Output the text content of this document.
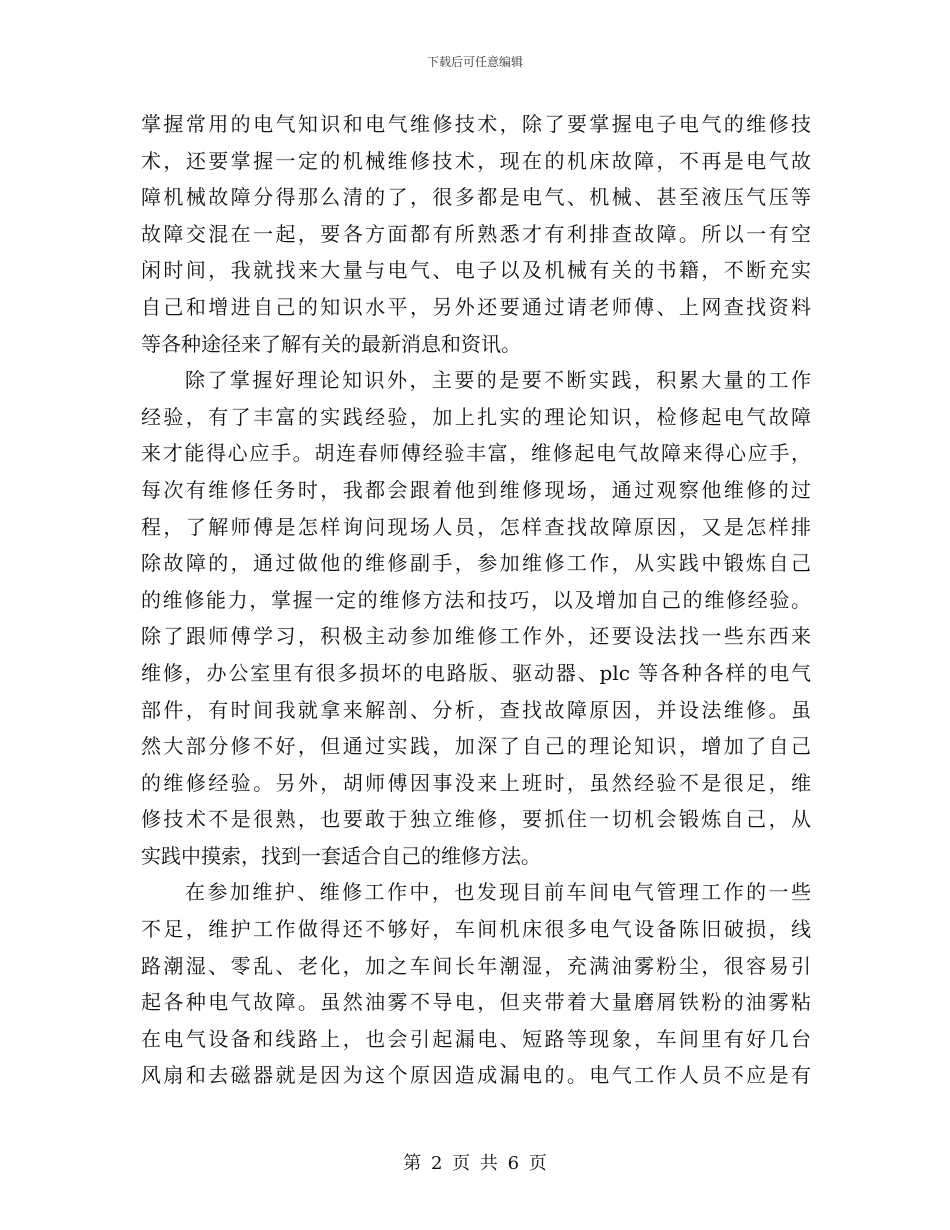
下载后可任意编辑
掌握常用的电气知识和电气维修技术，除了要掌握电子电气的维修技
术，还要掌握一定的机械维修技术，现在的机床故障，不再是电气故
障机械故障分得那么清的了，很多都是电气、机械、甚至液压气压等
故障交混在一起，要各方面都有所熟悉才有利排查故障。所以一有空
闲时间，我就找来大量与电气、电子以及机械有关的书籍，不断充实
自己和增进自己的知识水平，另外还要通过请老师傅、上网查找资料
等各种途径来了解有关的最新消息和资讯。
除了掌握好理论知识外，主要的是要不断实践，积累大量的工作
经验，有了丰富的实践经验，加上扎实的理论知识，检修起电气故障
来才能得心应手。胡连春师傅经验丰富，维修起电气故障来得心应手，
每次有维修任务时，我都会跟着他到维修现场，通过观察他维修的过
程，了解师傅是怎样询问现场人员，怎样查找故障原因，又是怎样排
除故障的，通过做他的维修副手，参加维修工作，从实践中锻炼自己
的维修能力，掌握一定的维修方法和技巧，以及增加自己的维修经验。
除了跟师傅学习，积极主动参加维修工作外，还要设法找一些东西来
维修，办公室里有很多损坏的电路版、驱动器、plc 等各种各样的电气
部件，有时间我就拿来解剖、分析，查找故障原因，并设法维修。虽
然大部分修不好，但通过实践，加深了自己的理论知识，增加了自己
的维修经验。另外，胡师傅因事没来上班时，虽然经验不是很足，维
修技术不是很熟，也要敢于独立维修，要抓住一切机会锻炼自己，从
实践中摸索，找到一套适合自己的维修方法。
在参加维护、维修工作中，也发现目前车间电气管理工作的一些
不足，维护工作做得还不够好，车间机床很多电气设备陈旧破损，线
路潮湿、零乱、老化，加之车间长年潮湿，充满油雾粉尘，很容易引
起各种电气故障。虽然油雾不导电，但夹带着大量磨屑铁粉的油雾粘
在电气设备和线路上，也会引起漏电、短路等现象，车间里有好几台
风扇和去磁器就是因为这个原因造成漏电的。电气工作人员不应是有
第 2 页 共 6 页
